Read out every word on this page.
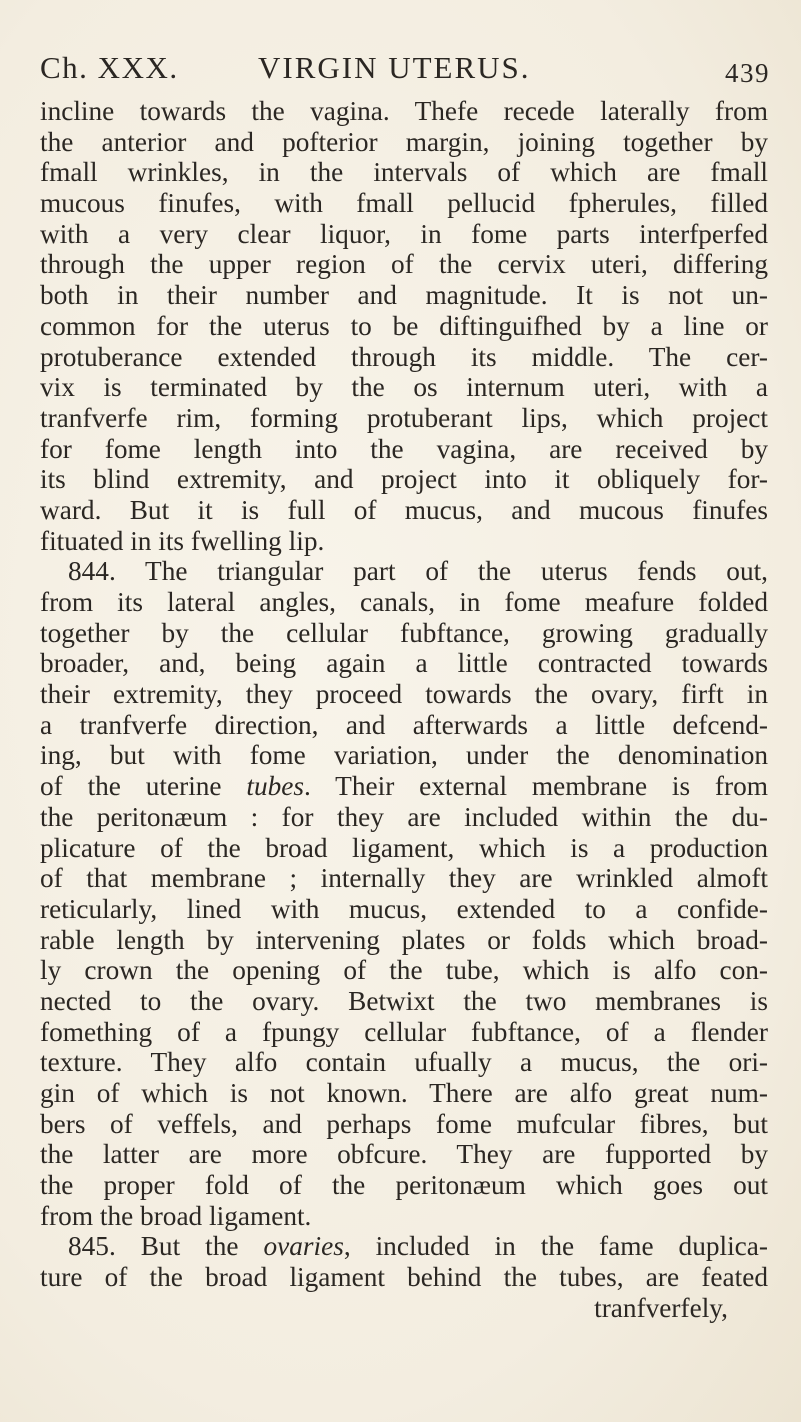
Ch. XXX.	VIRGIN UTERUS.	439
incline towards the vagina. Thefe recede laterally from
the anterior and pofterior margin, joining together by
fmall wrinkles, in the intervals of which are fmall
mucous finufes, with fmall pellucid fpherules, filled
with a very clear liquor, in fome parts interfperfed
through the upper region of the cervix uteri, differing
both in their number and magnitude. It is not un-
common for the uterus to be diftinguifhed by a line or
protuberance extended through its middle. The cer-
vix is terminated by the os internum uteri, with a
tranfverfe rim, forming protuberant lips, which project
for fome length into the vagina, are received by
its blind extremity, and project into it obliquely for-
ward. But it is full of mucus, and mucous finufes
fituated in its fwelling lip.
844. The triangular part of the uterus fends out,
from its lateral angles, canals, in fome meafure folded
together by the cellular fubftance, growing gradually
broader, and, being again a little contracted towards
their extremity, they proceed towards the ovary, firft in
a tranfverfe direction, and afterwards a little defcend-
ing, but with fome variation, under the denomination
of the uterine tubes. Their external membrane is from
the peritonæum : for they are included within the du-
plicature of the broad ligament, which is a production
of that membrane ; internally they are wrinkled almoft
reticularly, lined with mucus, extended to a confide-
rable length by intervening plates or folds which broad-
ly crown the opening of the tube, which is alfo con-
nected to the ovary. Betwixt the two membranes is
fomething of a fpungy cellular fubftance, of a flender
texture. They alfo contain ufually a mucus, the ori-
gin of which is not known. There are alfo great num-
bers of veffels, and perhaps fome mufcular fibres, but
the latter are more obfcure. They are fupported by
the proper fold of the peritonæum which goes out
from the broad ligament.
845. But the ovaries, included in the fame duplica-
ture of the broad ligament behind the tubes, are feated
tranfverfely,
